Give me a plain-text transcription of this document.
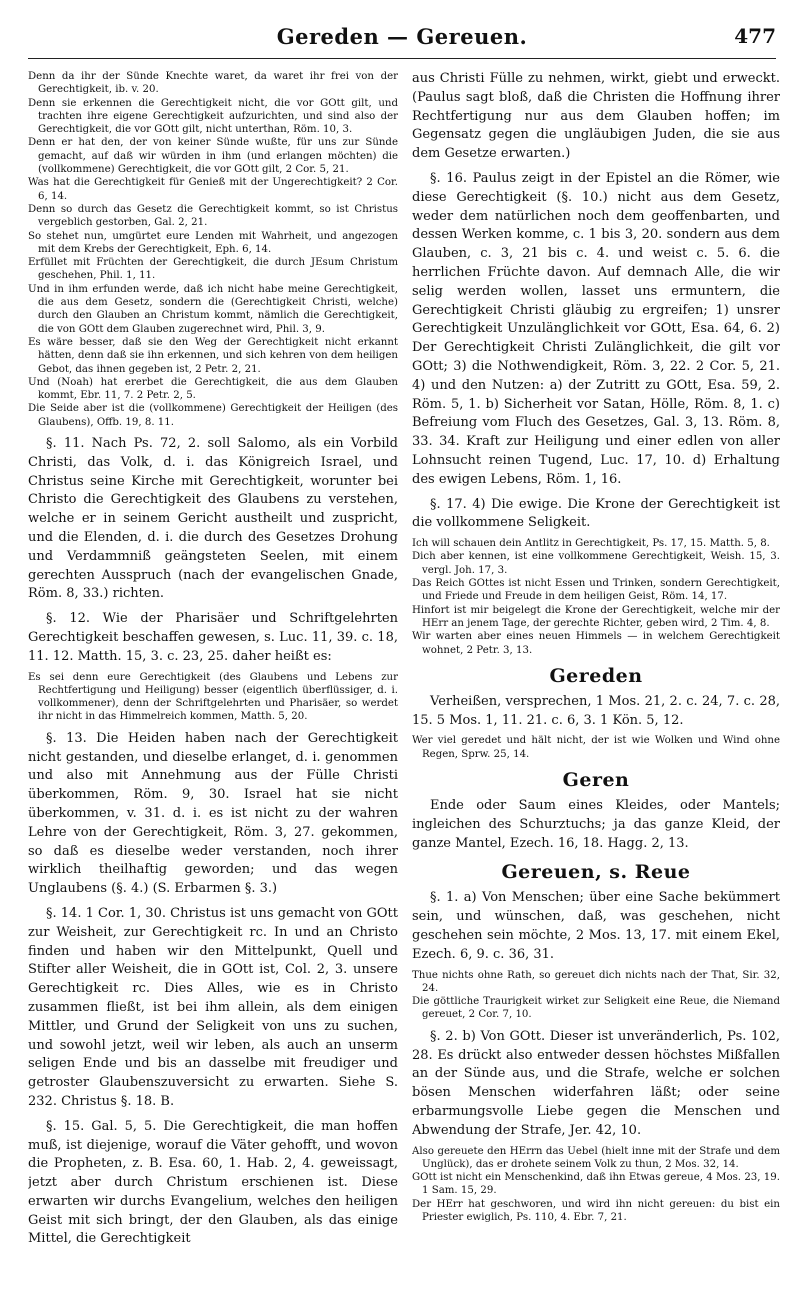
Gereden — Gereuen.	477

Denn da ihr der Sünde Knechte waret, da waret ihr frei von der Gerechtigkeit, ib. v. 20.

Denn sie erkennen die Gerechtigkeit nicht, die vor GOtt gilt, und trachten ihre eigene Gerechtigkeit aufzurichten, und sind also der Gerechtigkeit, die vor GOtt gilt, nicht unterthan, Röm. 10, 3.

Denn er hat den, der von keiner Sünde wußte, für uns zur Sünde gemacht, auf daß wir würden in ihm (und erlangen möchten) die (vollkommene) Gerechtigkeit, die vor GOtt gilt, 2 Cor. 5, 21.

Was hat die Gerechtigkeit für Genieß mit der Ungerechtigkeit? 2 Cor. 6, 14.

Denn so durch das Gesetz die Gerechtigkeit kommt, so ist Christus vergeblich gestorben, Gal. 2, 21.

So stehet nun, umgürtet eure Lenden mit Wahrheit, und angezogen mit dem Krebs der Gerechtigkeit, Eph. 6, 14.

Erfüllet mit Früchten der Gerechtigkeit, die durch JEsum Christum geschehen, Phil. 1, 11.

Und in ihm erfunden werde, daß ich nicht habe meine Gerechtigkeit, die aus dem Gesetz, sondern die (Gerechtigkeit Christi, welche) durch den Glauben an Christum kommt, nämlich die Gerechtigkeit, die von GOtt dem Glauben zugerechnet wird, Phil. 3, 9.

Es wäre besser, daß sie den Weg der Gerechtigkeit nicht erkannt hätten, denn daß sie ihn erkennen, und sich kehren von dem heiligen Gebot, das ihnen gegeben ist, 2 Petr. 2, 21.

Und (Noah) hat ererbet die Gerechtigkeit, die aus dem Glauben kommt, Ebr. 11, 7. 2 Petr. 2, 5.

Die Seide aber ist die (vollkommene) Gerechtigkeit der Heiligen (des Glaubens), Offb. 19, 8. 11.

§. 11. Nach Ps. 72, 2. soll Salomo, als ein Vorbild Christi, das Volk, d. i. das Königreich Israel, und Christus seine Kirche mit Gerechtigkeit, worunter bei Christo die Gerechtigkeit des Glaubens zu verstehen, welche er in seinem Gericht austheilt und zuspricht, und die Elenden, d. i. die durch des Gesetzes Drohung und Verdammniß geängsteten Seelen, mit einem gerechten Ausspruch (nach der evangelischen Gnade, Röm. 8, 33.) richten.

§. 12. Wie der Pharisäer und Schriftgelehrten Gerechtigkeit beschaffen gewesen, s. Luc. 11, 39. c. 18, 11. 12. Matth. 15, 3. c. 23, 25. daher heißt es:

Es sei denn eure Gerechtigkeit (des Glaubens und Lebens zur Rechtfertigung und Heiligung) besser (eigentlich überflüssiger, d. i. vollkommener), denn der Schriftgelehrten und Pharisäer, so werdet ihr nicht in das Himmelreich kommen, Matth. 5, 20.

§. 13. Die Heiden haben nach der Gerechtigkeit nicht gestanden, und dieselbe erlanget, d. i. genommen und also mit Annehmung aus der Fülle Christi überkommen, Röm. 9, 30. Israel hat sie nicht überkommen, v. 31. d. i. es ist nicht zu der wahren Lehre von der Gerechtigkeit, Röm. 3, 27. gekommen, so daß es dieselbe weder verstanden, noch ihrer wirklich theilhaftig geworden; und das wegen Unglaubens (§. 4.) (S. Erbarmen §. 3.)

§. 14. 1 Cor. 1, 30. Christus ist uns gemacht von GOtt zur Weisheit, zur Gerechtigkeit rc. In und an Christo finden und haben wir den Mittelpunkt, Quell und Stifter aller Weisheit, die in GOtt ist, Col. 2, 3. unsere Gerechtigkeit rc. Dies Alles, wie es in Christo zusammen fließt, ist bei ihm allein, als dem einigen Mittler, und Grund der Seligkeit von uns zu suchen, und sowohl jetzt, weil wir leben, als auch an unserm seligen Ende und bis an dasselbe mit freudiger und getroster Glaubenszuversicht zu erwarten. Siehe S. 232. Christus §. 18. B.

§. 15. Gal. 5, 5. Die Gerechtigkeit, die man hoffen muß, ist diejenige, worauf die Väter gehofft, und wovon die Propheten, z. B. Esa. 60, 1. Hab. 2, 4. geweissagt, jetzt aber durch Christum erschienen ist. Diese erwarten wir durchs Evangelium, welches den heiligen Geist mit sich bringt, der den Glauben, als das einige Mittel, die Gerechtigkeit

aus Christi Fülle zu nehmen, wirkt, giebt und erweckt. (Paulus sagt bloß, daß die Christen die Hoffnung ihrer Rechtfertigung nur aus dem Glauben hoffen; im Gegensatz gegen die ungläubigen Juden, die sie aus dem Gesetze erwarten.)

§. 16. Paulus zeigt in der Epistel an die Römer, wie diese Gerechtigkeit (§. 10.) nicht aus dem Gesetz, weder dem natürlichen noch dem geoffenbarten, und dessen Werken komme, c. 1 bis 3, 20. sondern aus dem Glauben, c. 3, 21 bis c. 4. und weist c. 5. 6. die herrlichen Früchte davon. Auf demnach Alle, die wir selig werden wollen, lasset uns ermuntern, die Gerechtigkeit Christi gläubig zu ergreifen; 1) unsrer Gerechtigkeit Unzulänglichkeit vor GOtt, Esa. 64, 6. 2) Der Gerechtigkeit Christi Zulänglichkeit, die gilt vor GOtt; 3) die Nothwendigkeit, Röm. 3, 22. 2 Cor. 5, 21. 4) und den Nutzen: a) der Zutritt zu GOtt, Esa. 59, 2. Röm. 5, 1. b) Sicherheit vor Satan, Hölle, Röm. 8, 1. c) Befreiung vom Fluch des Gesetzes, Gal. 3, 13. Röm. 8, 33. 34. Kraft zur Heiligung und einer edlen von aller Lohnsucht reinen Tugend, Luc. 17, 10. d) Erhaltung des ewigen Lebens, Röm. 1, 16.

§. 17. 4) Die ewige. Die Krone der Gerechtigkeit ist die vollkommene Seligkeit.

Ich will schauen dein Antlitz in Gerechtigkeit, Ps. 17, 15. Matth. 5, 8.

Dich aber kennen, ist eine vollkommene Gerechtigkeit, Weish. 15, 3. vergl. Joh. 17, 3.

Das Reich GOttes ist nicht Essen und Trinken, sondern Gerechtigkeit, und Friede und Freude in dem heiligen Geist, Röm. 14, 17.

Hinfort ist mir beigelegt die Krone der Gerechtigkeit, welche mir der HErr an jenem Tage, der gerechte Richter, geben wird, 2 Tim. 4, 8.

Wir warten aber eines neuen Himmels — in welchem Gerechtigkeit wohnet, 2 Petr. 3, 13.

Gereden

Verheißen, versprechen, 1 Mos. 21, 2. c. 24, 7. c. 28, 15. 5 Mos. 1, 11. 21. c. 6, 3. 1 Kön. 5, 12.

Wer viel geredet und hält nicht, der ist wie Wolken und Wind ohne Regen, Sprw. 25, 14.

Geren

Ende oder Saum eines Kleides, oder Mantels; ingleichen des Schurztuchs; ja das ganze Kleid, der ganze Mantel, Ezech. 16, 18. Hagg. 2, 13.

Gereuen, s. Reue

§. 1. a) Von Menschen; über eine Sache bekümmert sein, und wünschen, daß, was geschehen, nicht geschehen sein möchte, 2 Mos. 13, 17. mit einem Ekel, Ezech. 6, 9. c. 36, 31.

Thue nichts ohne Rath, so gereuet dich nichts nach der That, Sir. 32, 24.

Die göttliche Traurigkeit wirket zur Seligkeit eine Reue, die Niemand gereuet, 2 Cor. 7, 10.

§. 2. b) Von GOtt. Dieser ist unveränderlich, Ps. 102, 28. Es drückt also entweder dessen höchstes Mißfallen an der Sünde aus, und die Strafe, welche er solchen bösen Menschen widerfahren läßt; oder seine erbarmungsvolle Liebe gegen die Menschen und Abwendung der Strafe, Jer. 42, 10.

Also gereuete den HErrn das Uebel (hielt inne mit der Strafe und dem Unglück), das er drohete seinem Volk zu thun, 2 Mos. 32, 14.

GOtt ist nicht ein Menschenkind, daß ihn Etwas gereue, 4 Mos. 23, 19. 1 Sam. 15, 29.

Der HErr hat geschworen, und wird ihn nicht gereuen: du bist ein Priester ewiglich, Ps. 110, 4. Ebr. 7, 21.
